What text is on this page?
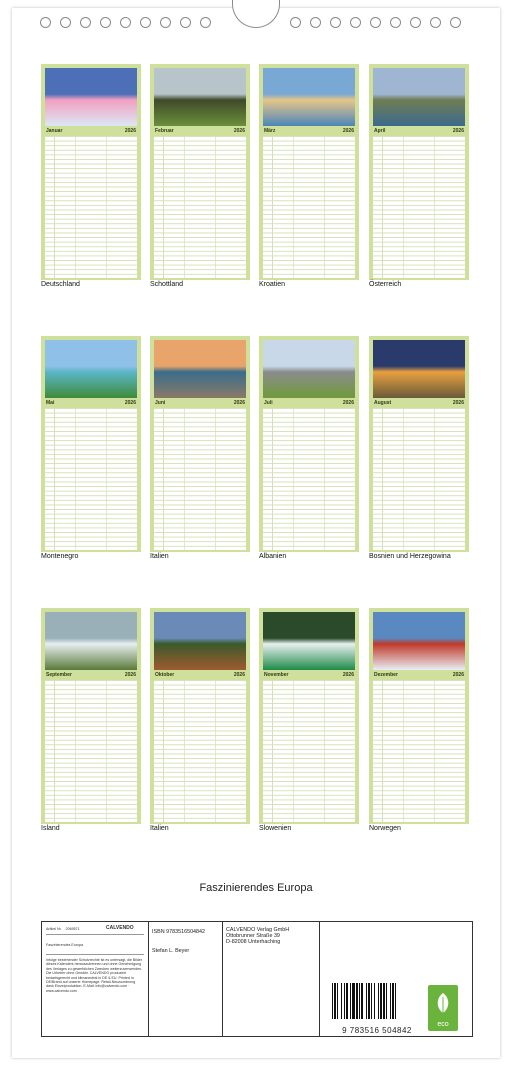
Januar	2026
Deutschland
Februar	2026
Schottland
März	2026
Kroatien
April	2026
Österreich
Mai	2026
Montenegro
Juni	2026
Italien
Juli	2026
Albanien
August	2026
Bosnien und Herzegowina
September	2026
Island
Oktober	2026
Italien
November	2026
Slowenien
Dezember	2026
Norwegen
Faszinierendes Europa
Artikel Nr. 2069571	CALVENDO
Faszinierendes Europa
Infolge bestehender Schutzrechte ist es untersagt, die Bilder dieses Kalenders herauszutrennen und ohne Genehmigung des Verlages zu gewerblichen Zwecken weiterzuverwenden. Die Urheber ohne Gewähr. CALVENDO produziert bedarfsgerecht und klimaneutral in DE & EU. Printed in DE/Brand auf unserer Homepage. Retail-Neuzuordnung dank Einzelproduktion. E-Mail: info@calvendo.com · www.calvendo.com
ISBN 9783516504842
Stefan L. Beyer
CALVENDO Verlag GmbH
Ottobrunner Straße 39
D-82008 Unterhaching
9 783516 504842
eco
